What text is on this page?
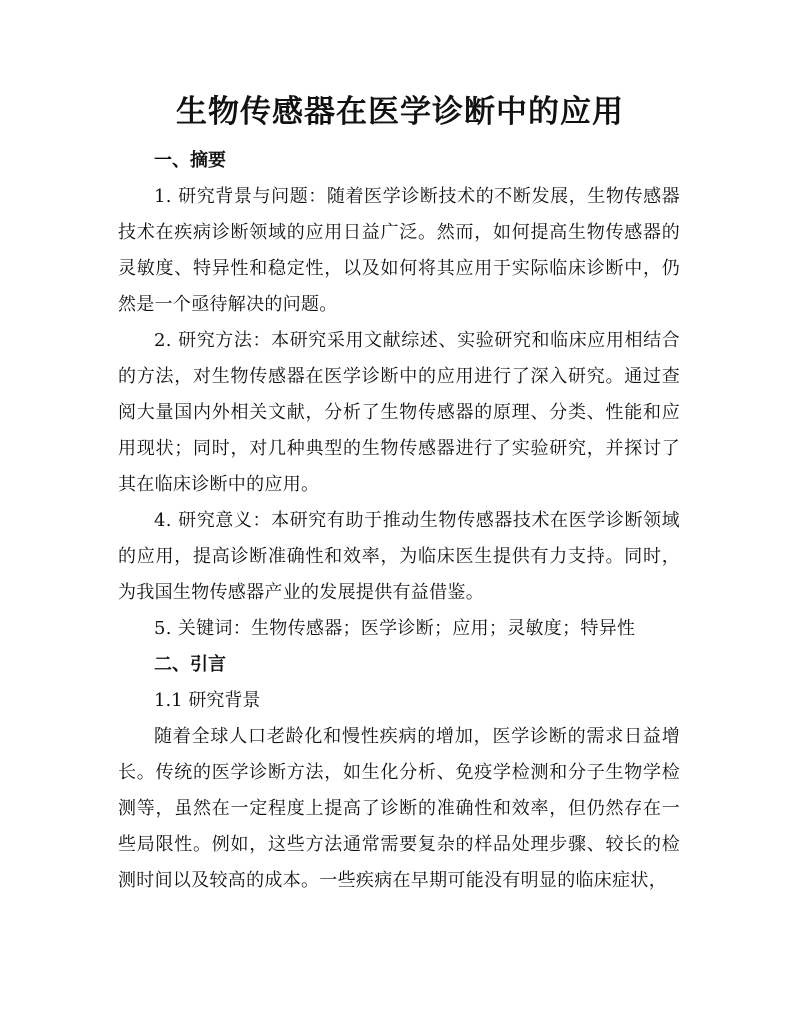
生物传感器在医学诊断中的应用

一、摘要

1. 研究背景与问题：随着医学诊断技术的不断发展，生物传感器技术在疾病诊断领域的应用日益广泛。然而，如何提高生物传感器的灵敏度、特异性和稳定性，以及如何将其应用于实际临床诊断中，仍然是一个亟待解决的问题。

2. 研究方法：本研究采用文献综述、实验研究和临床应用相结合的方法，对生物传感器在医学诊断中的应用进行了深入研究。通过查阅大量国内外相关文献，分析了生物传感器的原理、分类、性能和应用现状；同时，对几种典型的生物传感器进行了实验研究，并探讨了其在临床诊断中的应用。

4. 研究意义：本研究有助于推动生物传感器技术在医学诊断领域的应用，提高诊断准确性和效率，为临床医生提供有力支持。同时，为我国生物传感器产业的发展提供有益借鉴。

5. 关键词：生物传感器；医学诊断；应用；灵敏度；特异性

二、引言

1.1 研究背景

随着全球人口老龄化和慢性疾病的增加，医学诊断的需求日益增长。传统的医学诊断方法，如生化分析、免疫学检测和分子生物学检测等，虽然在一定程度上提高了诊断的准确性和效率，但仍然存在一些局限性。例如，这些方法通常需要复杂的样品处理步骤、较长的检测时间以及较高的成本。一些疾病在早期可能没有明显的临床症状，
